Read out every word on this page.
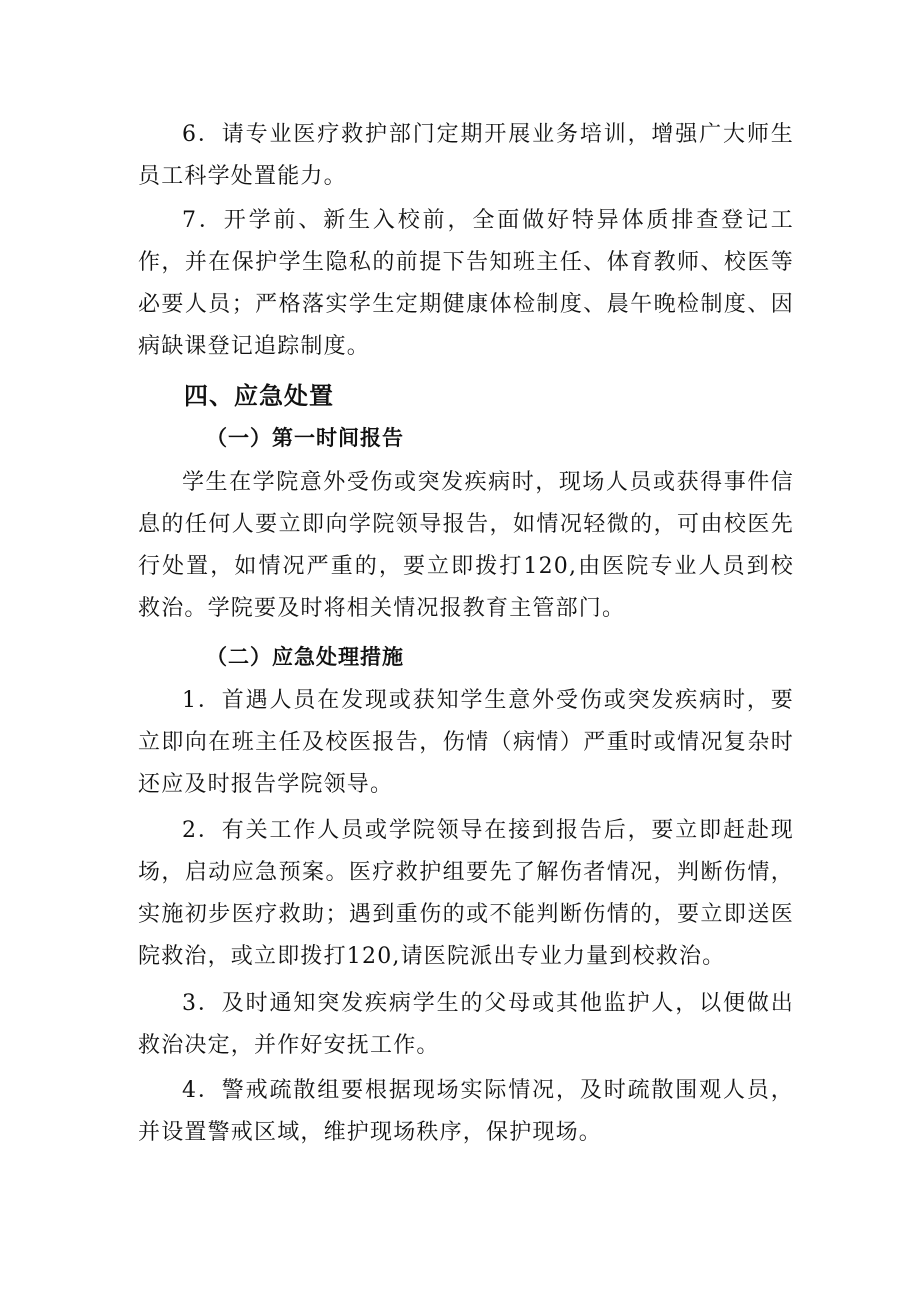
6．请专业医疗救护部门定期开展业务培训，增强广大师生员工科学处置能力。

7．开学前、新生入校前，全面做好特异体质排查登记工作，并在保护学生隐私的前提下告知班主任、体育教师、校医等必要人员；严格落实学生定期健康体检制度、晨午晚检制度、因病缺课登记追踪制度。

四、应急处置
（一）第一时间报告

学生在学院意外受伤或突发疾病时，现场人员或获得事件信息的任何人要立即向学院领导报告，如情况轻微的，可由校医先行处置，如情况严重的，要立即拨打120,由医院专业人员到校救治。学院要及时将相关情况报教育主管部门。

（二）应急处理措施

1．首遇人员在发现或获知学生意外受伤或突发疾病时，要立即向在班主任及校医报告，伤情（病情）严重时或情况复杂时还应及时报告学院领导。

2．有关工作人员或学院领导在接到报告后，要立即赶赴现场，启动应急预案。医疗救护组要先了解伤者情况，判断伤情，实施初步医疗救助；遇到重伤的或不能判断伤情的，要立即送医院救治，或立即拨打120,请医院派出专业力量到校救治。

3．及时通知突发疾病学生的父母或其他监护人，以便做出救治决定，并作好安抚工作。

4．警戒疏散组要根据现场实际情况，及时疏散围观人员，并设置警戒区域，维护现场秩序，保护现场。
